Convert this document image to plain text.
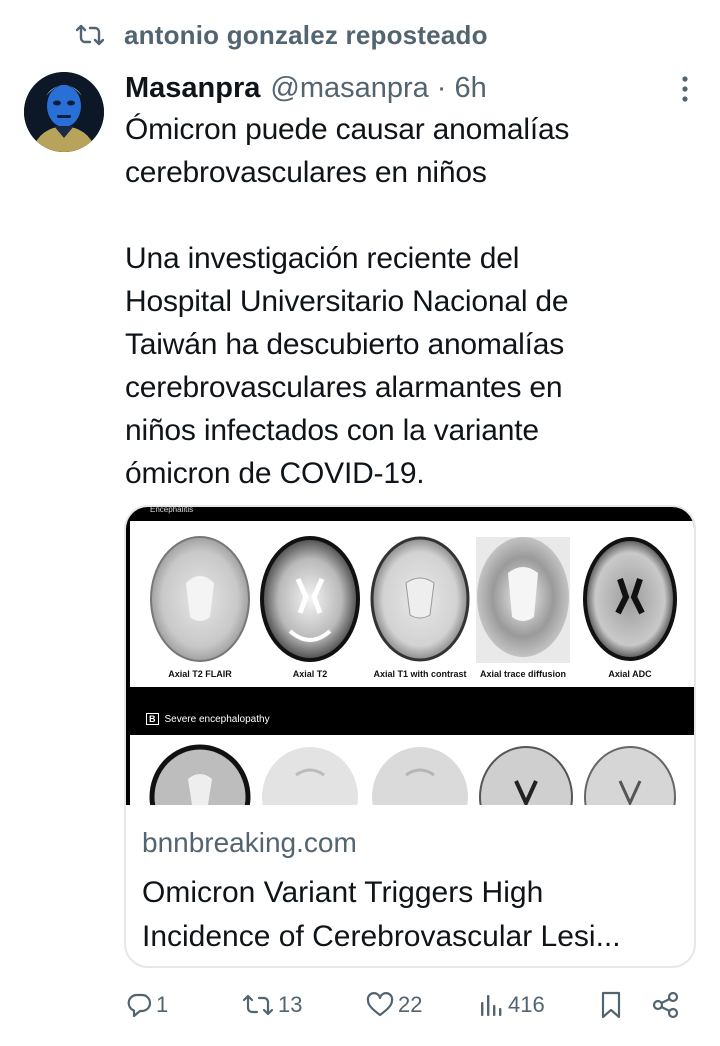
antonio gonzalez reposteado
Masanpra @masanpra · 6h
Ómicron puede causar anomalías
cerebrovasculares en niños

Una investigación reciente del
Hospital Universitario Nacional de
Taiwán ha descubierto anomalías
cerebrovasculares alarmantes en
niños infectados con la variante
ómicron de COVID-19.
Encephalitis
Axial T2 FLAIR	Axial T2	Axial T1 with contrast Axial trace diffusion	Axial ADC
B Severe encephalopathy
bnnbreaking.com
Omicron Variant Triggers High
Incidence of Cerebrovascular Lesi...
1	13	22	416
